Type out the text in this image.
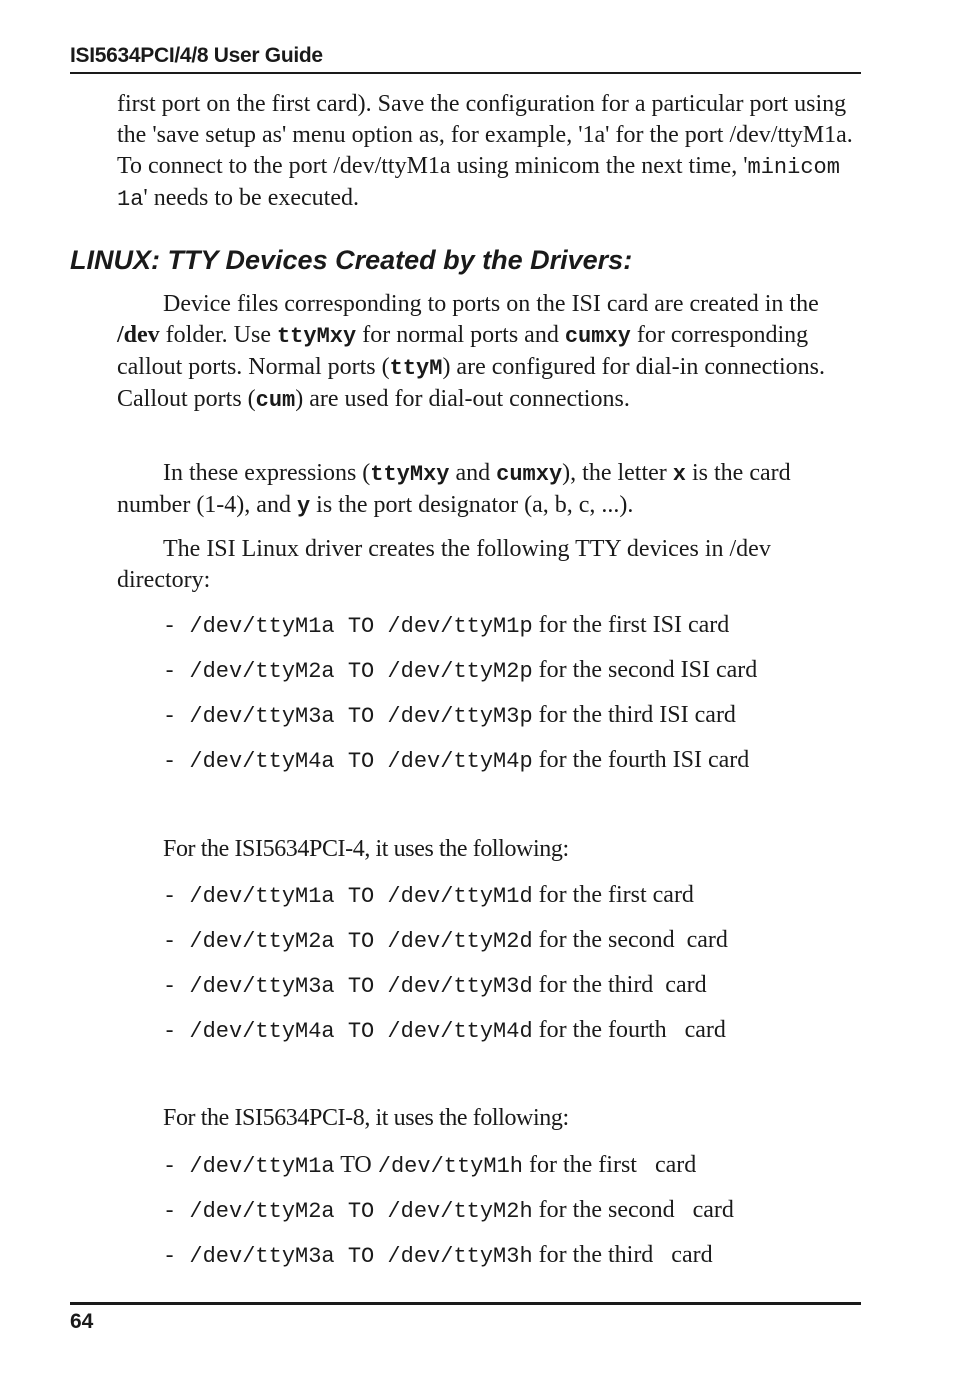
ISI5634PCI/4/8 User Guide
first port on the first card). Save the configuration for a particular port using the 'save setup as' menu option as, for example, '1a' for the port /dev/ttyM1a. To connect to the port /dev/ttyM1a using minicom the next time, 'minicom 1a' needs to be executed.
LINUX: TTY Devices Created by the Drivers:
Device files corresponding to ports on the ISI card are created in the /dev folder. Use ttyMxy for normal ports and cumxy for corresponding callout ports. Normal ports (ttyM) are configured for dial-in connections. Callout ports (cum) are used for dial-out connections.
In these expressions (ttyMxy and cumxy), the letter x is the card number (1-4), and y is the port designator (a, b, c, ...).
The ISI Linux driver creates the following TTY devices in /dev directory:
- /dev/ttyM1a TO /dev/ttyM1p for the first ISI card
- /dev/ttyM2a TO /dev/ttyM2p for the second ISI card
- /dev/ttyM3a TO /dev/ttyM3p for the third ISI card
- /dev/ttyM4a TO /dev/ttyM4p for the fourth ISI card
For the ISI5634PCI-4, it uses the following:
- /dev/ttyM1a TO /dev/ttyM1d for the first card
- /dev/ttyM2a TO /dev/ttyM2d for the second  card
- /dev/ttyM3a TO /dev/ttyM3d for the third  card
- /dev/ttyM4a TO /dev/ttyM4d for the fourth   card
For the ISI5634PCI-8, it uses the following:
- /dev/ttyM1a TO /dev/ttyM1h for the first   card
- /dev/ttyM2a TO /dev/ttyM2h for the second   card
- /dev/ttyM3a TO /dev/ttyM3h for the third   card
64
